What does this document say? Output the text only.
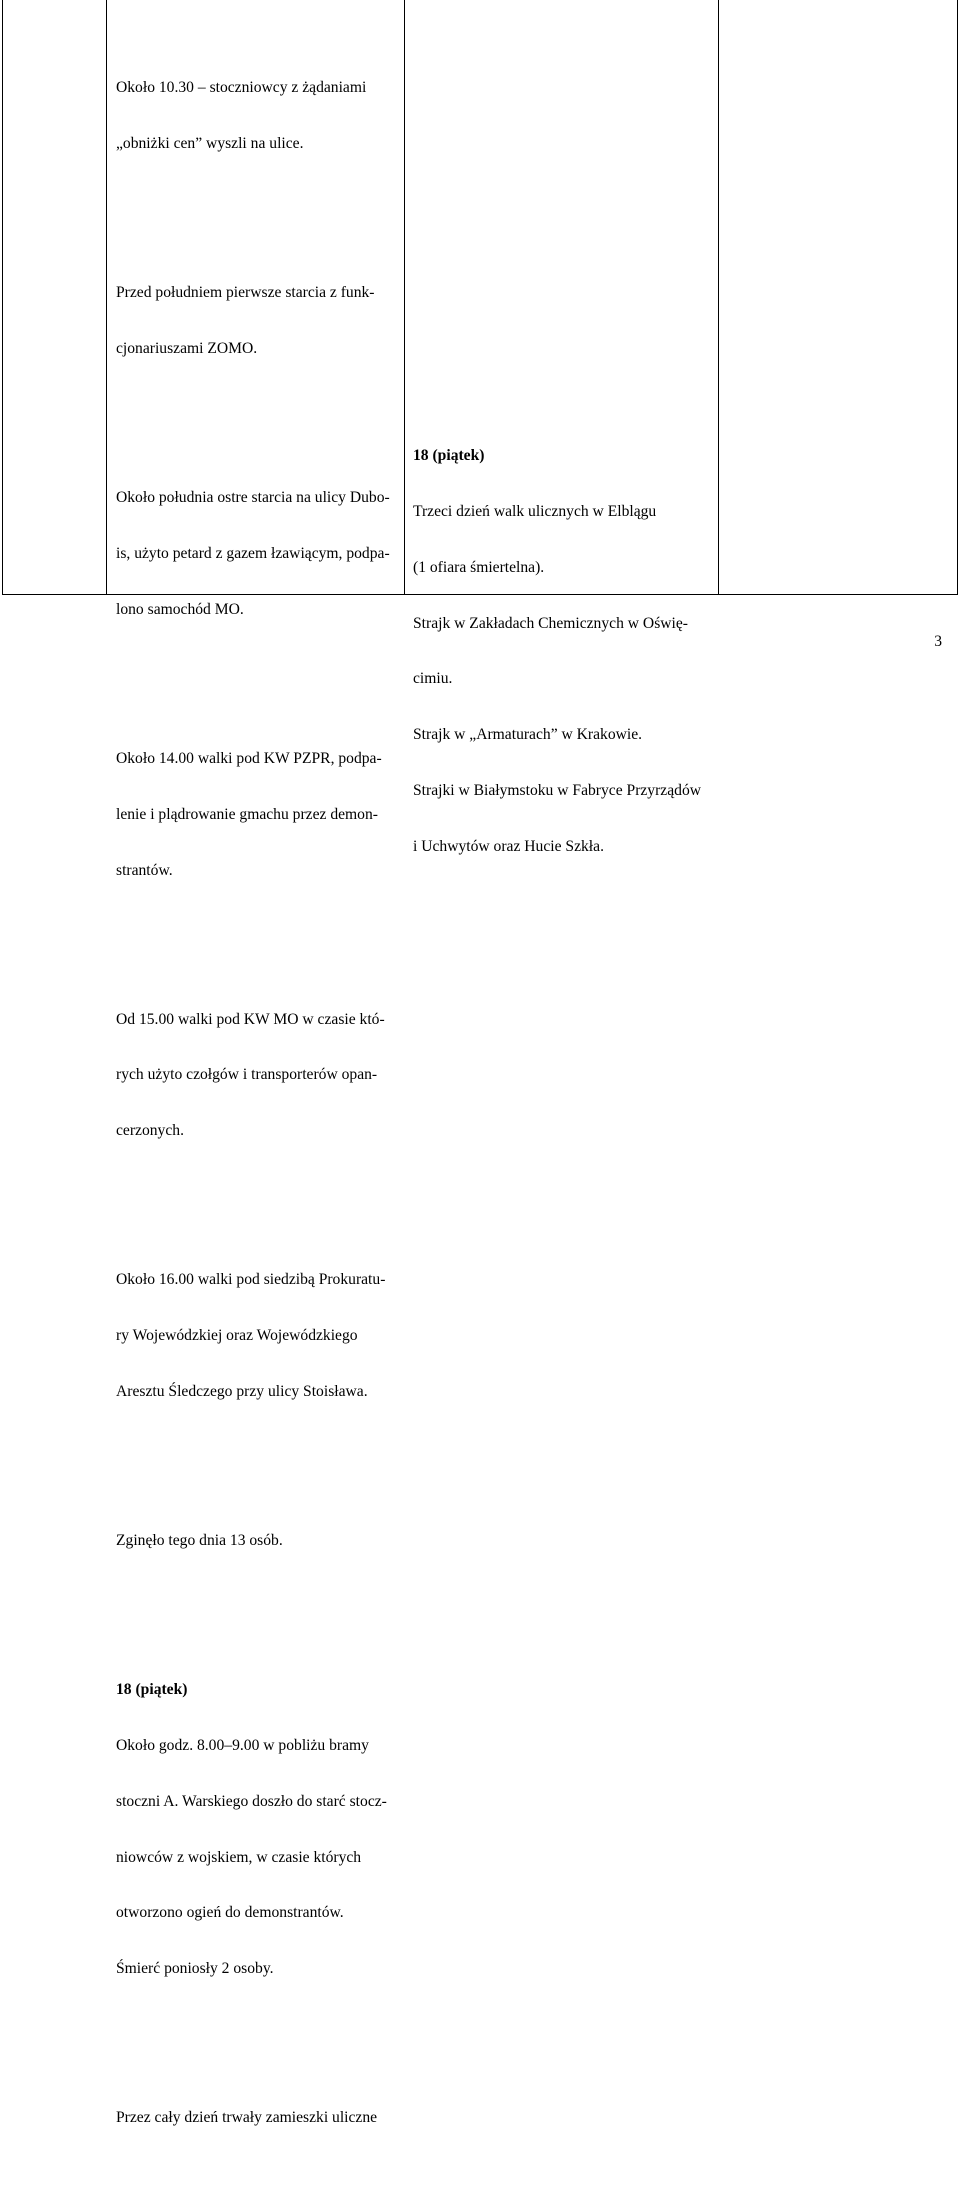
Około 10.30 – stoczniowcy z żądaniami

„obniżki cen” wyszli na ulice.

Przed południem pierwsze starcia z funk-

cjonariuszami ZOMO.

Około południa ostre starcia na ulicy Dubo-

is, użyto petard z gazem łzawiącym, podpa-

lono samochód MO.

Około 14.00 walki pod KW PZPR, podpa-

lenie i plądrowanie gmachu przez demon-

strantów.

Od 15.00 walki pod KW MO w czasie któ-

rych użyto czołgów i transporterów opan-

cerzonych.

Około 16.00 walki pod siedzibą Prokuratu-

ry Wojewódzkiej oraz Wojewódzkiego

Aresztu Śledczego przy ulicy Stoisława.

Zginęło tego dnia 13 osób.

18 (piątek)

Około godz. 8.00–9.00 w pobliżu bramy

stoczni A. Warskiego doszło do starć stocz-

niowców z wojskiem, w czasie których

otworzono ogień do demonstrantów.

Śmierć poniosły 2 osoby.

Przez cały dzień trwały zamieszki uliczne

18 (piątek)

Trzeci dzień walk ulicznych w Elblągu

(1 ofiara śmiertelna).

Strajk w Zakładach Chemicznych w Oświę-

cimiu.

Strajk w „Armaturach” w Krakowie.

Strajki w Białymstoku w Fabryce Przyrządów

i Uchwytów oraz Hucie Szkła.

3
